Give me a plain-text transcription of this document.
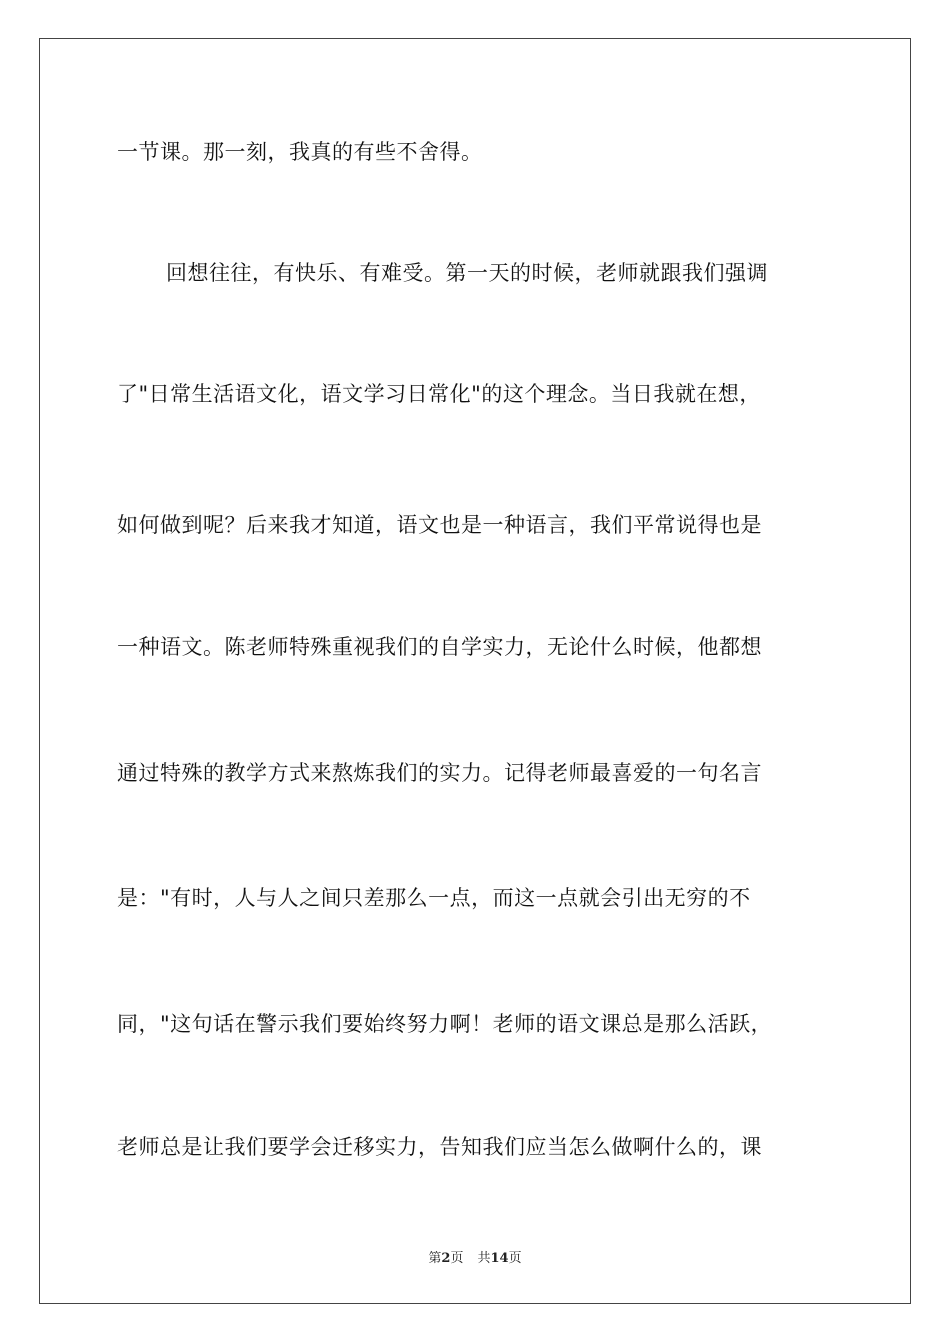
一节课。那一刻，我真的有些不舍得。
回想往往，有快乐、有难受。第一天的时候，老师就跟我们强调
了"日常生活语文化，语文学习日常化"的这个理念。当日我就在想，
如何做到呢？后来我才知道，语文也是一种语言，我们平常说得也是
一种语文。陈老师特殊重视我们的自学实力，无论什么时候，他都想
通过特殊的教学方式来熬炼我们的实力。记得老师最喜爱的一句名言
是："有时，人与人之间只差那么一点，而这一点就会引出无穷的不
同，"这句话在警示我们要始终努力啊！老师的语文课总是那么活跃，
老师总是让我们要学会迁移实力，告知我们应当怎么做啊什么的，课
第2页 共14页
